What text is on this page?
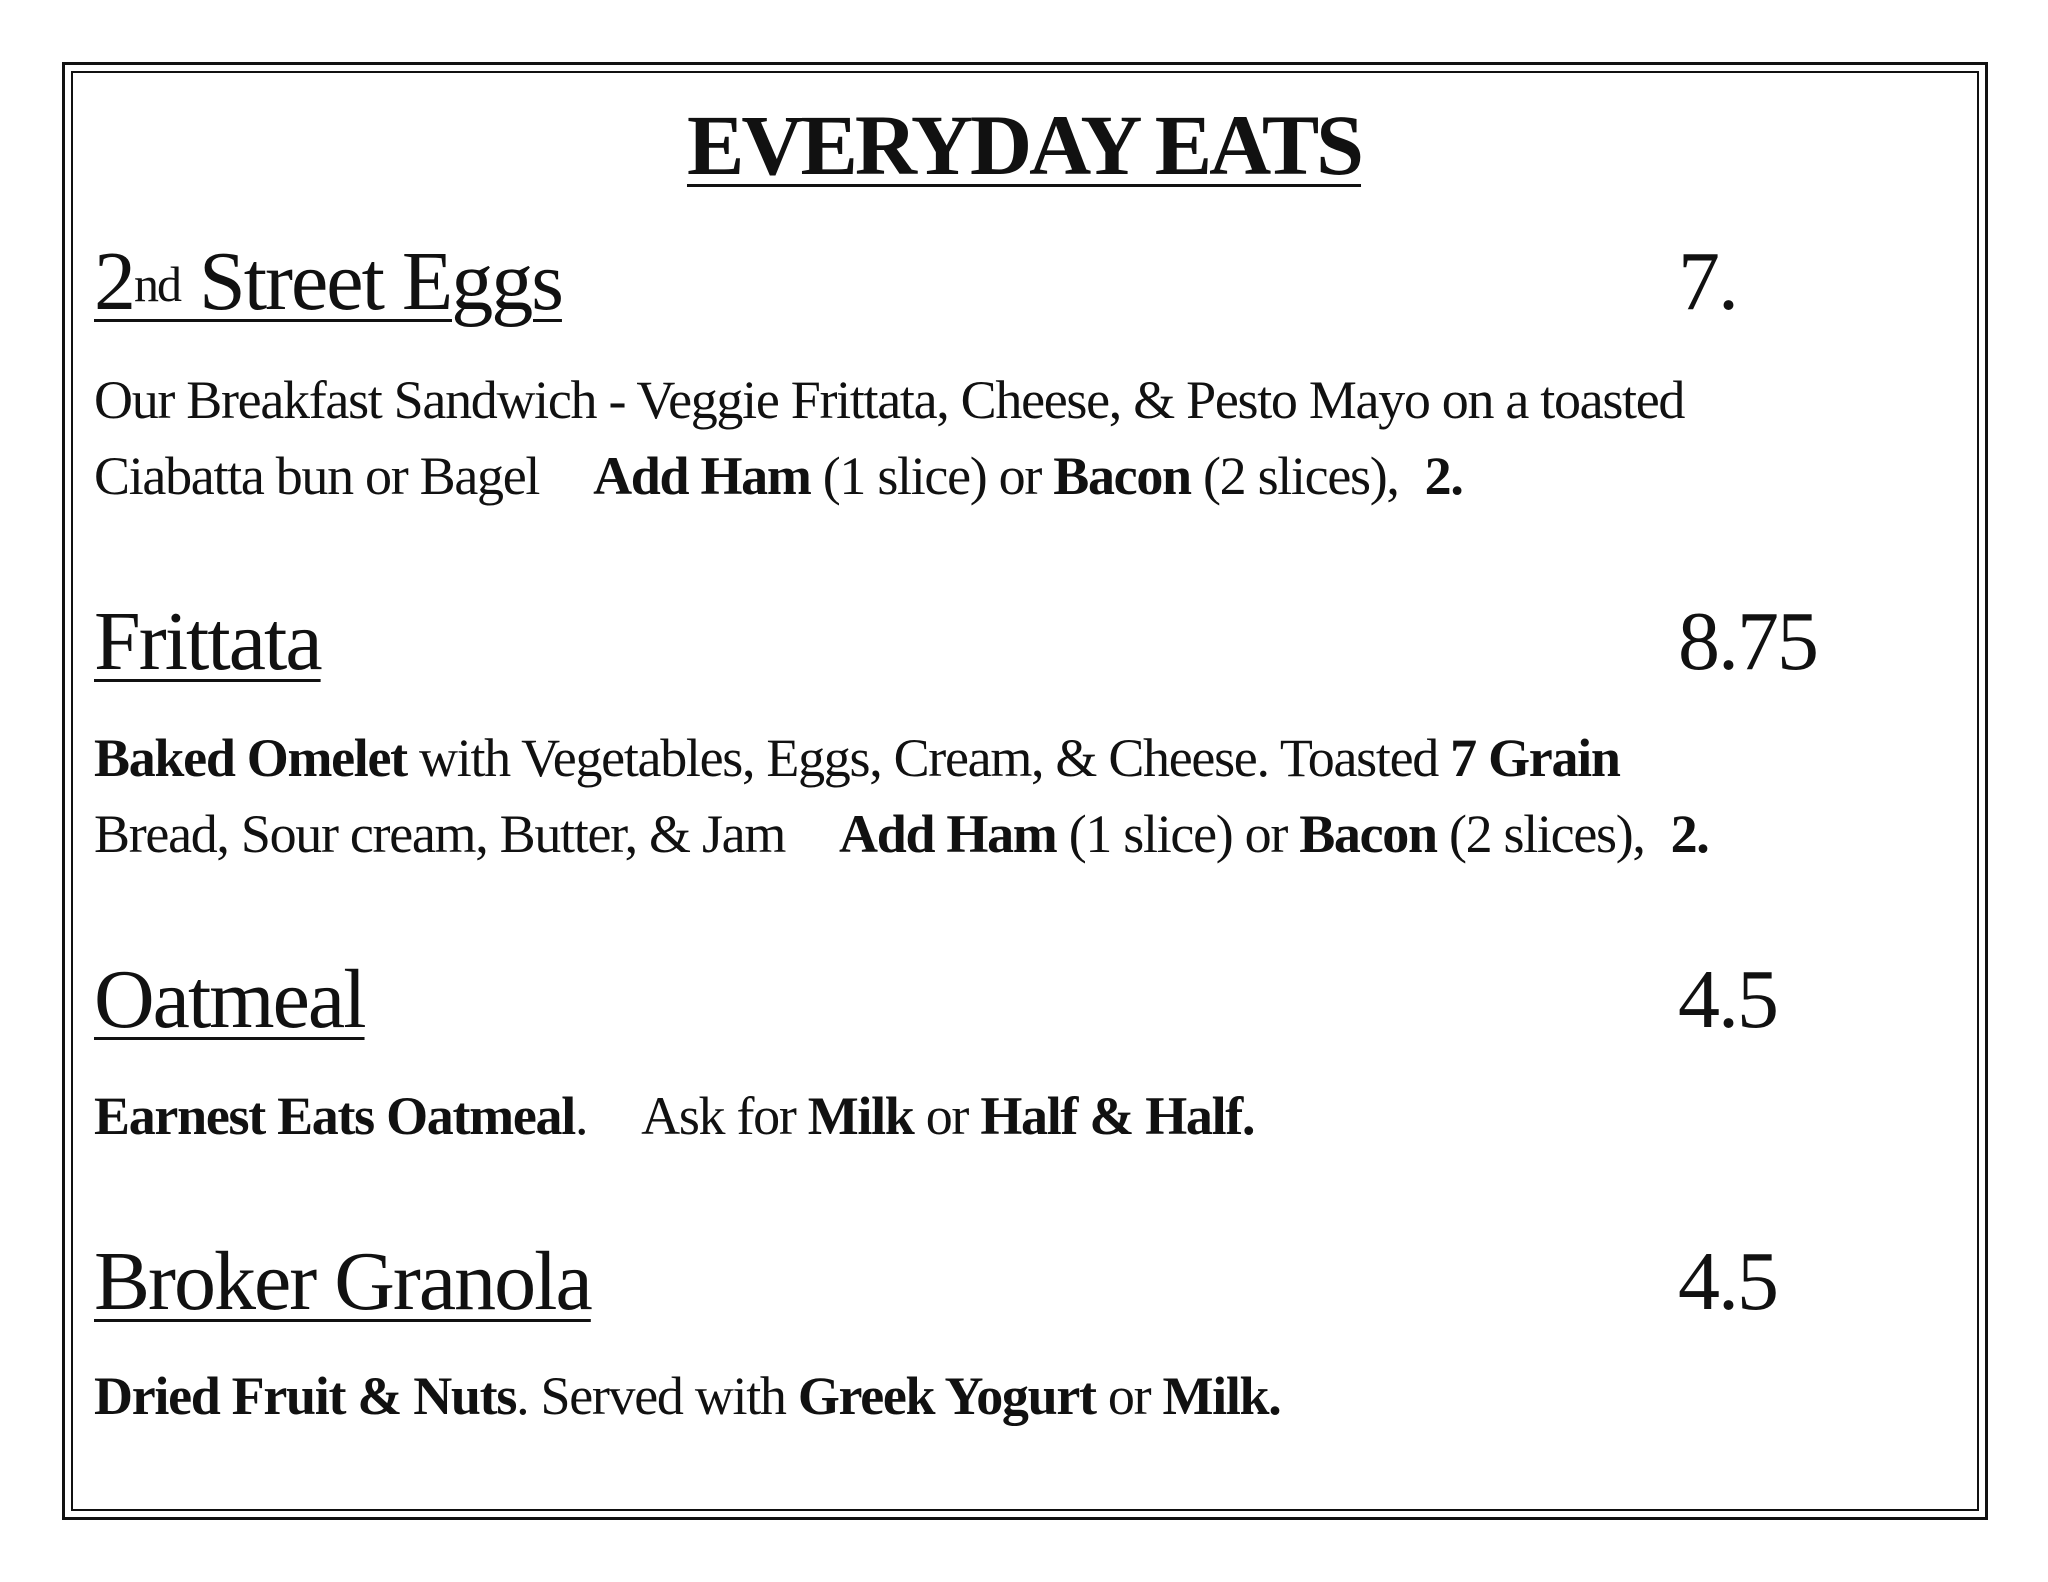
EVERYDAY EATS
2nd Street Eggs	7.

Our Breakfast Sandwich - Veggie Frittata, Cheese, & Pesto Mayo on a toasted
Ciabatta bun or Bagel Add Ham (1 slice) or Bacon (2 slices), 2.

Frittata	8.75

Baked Omelet with Vegetables, Eggs, Cream, & Cheese. Toasted 7 Grain
Bread, Sour cream, Butter, & Jam Add Ham (1 slice) or Bacon (2 slices), 2.

Oatmeal	4.5

Earnest Eats Oatmeal. Ask for Milk or Half & Half.

Broker Granola	4.5

Dried Fruit & Nuts. Served with Greek Yogurt or Milk.
